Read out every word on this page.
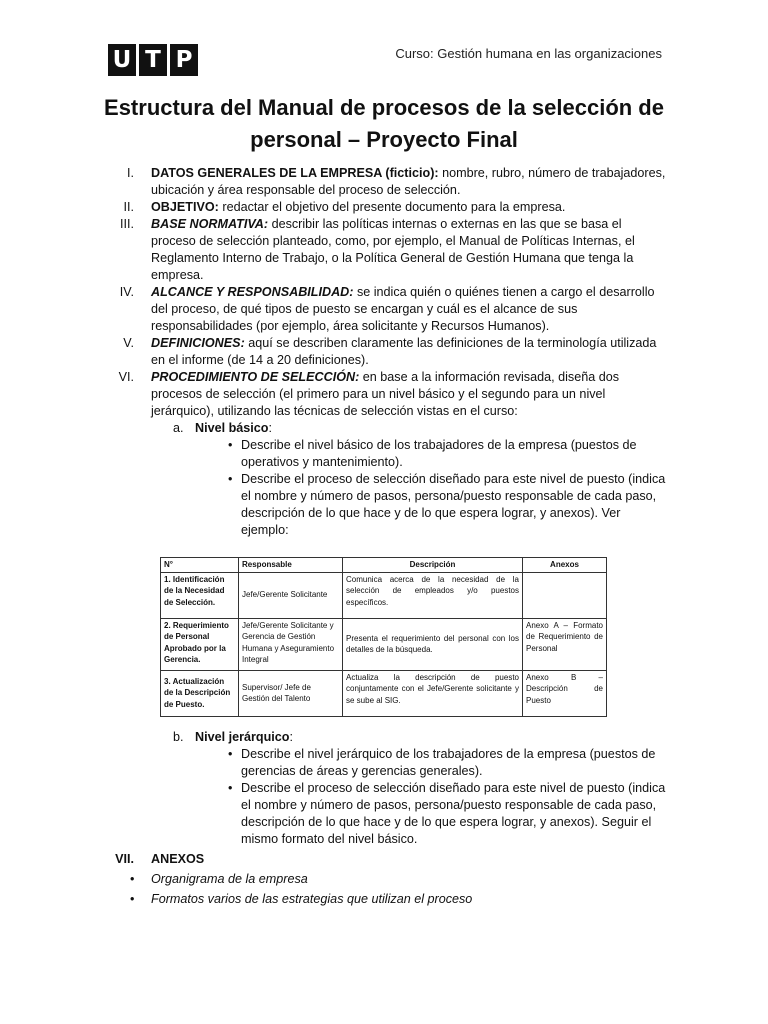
U T P	Curso: Gestión humana en las organizaciones
Estructura del Manual de procesos de la selección de
personal – Proyecto Final
I. DATOS GENERALES DE LA EMPRESA (ficticio): nombre, rubro, número de trabajadores, ubicación y área responsable del proceso de selección.
II. OBJETIVO: redactar el objetivo del presente documento para la empresa.
III. BASE NORMATIVA: describir las políticas internas o externas en las que se basa el proceso de selección planteado, como, por ejemplo, el Manual de Políticas Internas, el Reglamento Interno de Trabajo, o la Política General de Gestión Humana que tenga la empresa.
IV. ALCANCE Y RESPONSABILIDAD: se indica quién o quiénes tienen a cargo el desarrollo del proceso, de qué tipos de puesto se encargan y cuál es el alcance de sus responsabilidades (por ejemplo, área solicitante y Recursos Humanos).
V. DEFINICIONES: aquí se describen claramente las definiciones de la terminología utilizada en el informe (de 14 a 20 definiciones).
VI. PROCEDIMIENTO DE SELECCIÓN: en base a la información revisada, diseña dos procesos de selección (el primero para un nivel básico y el segundo para un nivel jerárquico), utilizando las técnicas de selección vistas en el curso:
a. Nivel básico:
• Describe el nivel básico de los trabajadores de la empresa (puestos de operativos y mantenimiento).
• Describe el proceso de selección diseñado para este nivel de puesto (indica el nombre y número de pasos, persona/puesto responsable de cada paso, descripción de lo que hace y de lo que espera lograr, y anexos). Ver ejemplo:
N°	Responsable	Descripción	Anexos
1. Identificación de la Necesidad de Selección.	Jefe/Gerente Solicitante	Comunica acerca de la necesidad de la selección de empleados y/o puestos específicos.	
2. Requerimiento de Personal Aprobado por la Gerencia.	Jefe/Gerente Solicitante y Gerencia de Gestión Humana y Aseguramiento Integral	Presenta el requerimiento del personal con los detalles de la búsqueda.	Anexo A – Formato de Requerimiento de Personal
3. Actualización de la Descripción de Puesto.	Supervisor/ Jefe de Gestión del Talento	Actualiza la descripción de puesto conjuntamente con el Jefe/Gerente solicitante y se sube al SIG.	Anexo B – Descripción de Puesto
b. Nivel jerárquico:
• Describe el nivel jerárquico de los trabajadores de la empresa (puestos de gerencias de áreas y gerencias generales).
• Describe el proceso de selección diseñado para este nivel de puesto (indica el nombre y número de pasos, persona/puesto responsable de cada paso, descripción de lo que hace y de lo que espera lograr, y anexos). Seguir el mismo formato del nivel básico.
VII. ANEXOS
• Organigrama de la empresa
• Formatos varios de las estrategias que utilizan el proceso
